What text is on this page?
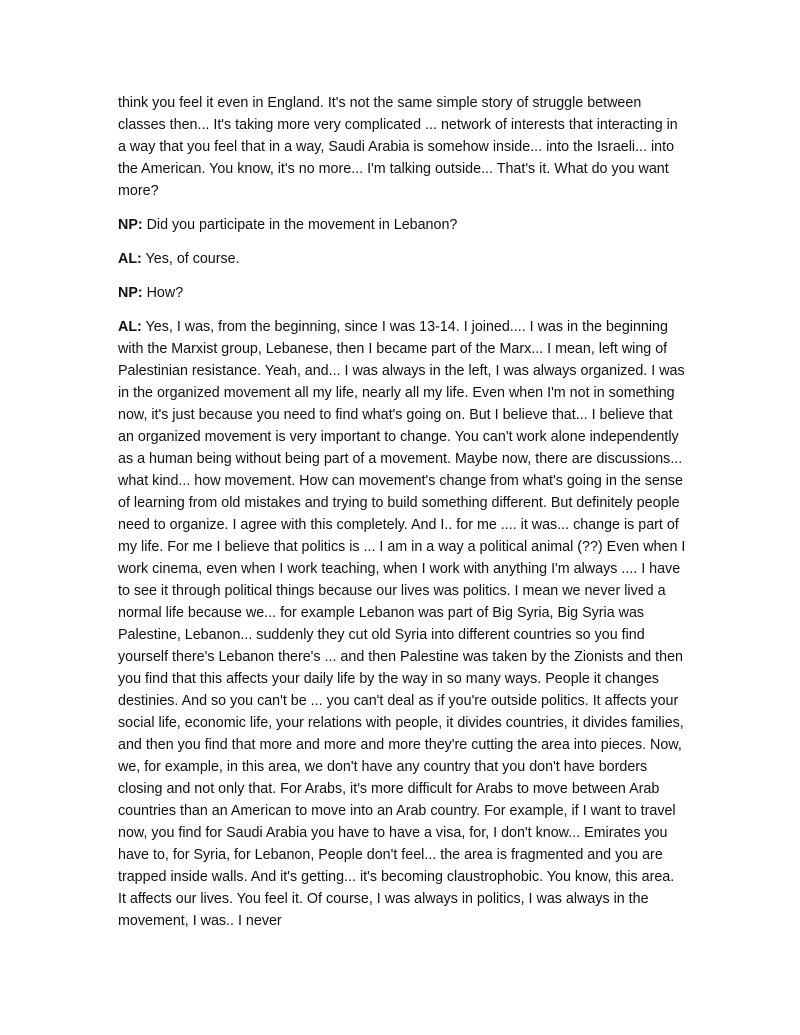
think you feel it even in England. It's not the same simple story of struggle between classes then... It's taking more very complicated ... network of interests that interacting in a way that you feel that in a way, Saudi Arabia is somehow inside... into the Israeli... into the American. You know, it's no more... I'm talking outside... That's it. What do you want more?

NP: Did you participate in the movement in Lebanon?

AL: Yes, of course.

NP: How?

AL: Yes, I was, from the beginning, since I was 13-14. I joined.... I was in the beginning with the Marxist group, Lebanese, then I became part of the Marx... I mean, left wing of Palestinian resistance. Yeah, and... I was always in the left, I was always organized. I was in the organized movement all my life, nearly all my life. Even when I'm not in something now, it's just because you need to find what's going on. But I believe that... I believe that an organized movement is very important to change. You can't work alone independently as a human being without being part of a movement. Maybe now, there are discussions... what kind... how movement. How can movement's change from what's going in the sense of learning from old mistakes and trying to build something different. But definitely people need to organize. I agree with this completely. And I.. for me .... it was... change is part of my life. For me I believe that politics is ... I am in a way a political animal (??) Even when I work cinema, even when I work teaching, when I work with anything I'm always .... I have to see it through political things because our lives was politics. I mean we never lived a normal life because we... for example Lebanon was part of Big Syria, Big Syria was Palestine, Lebanon... suddenly they cut old Syria into different countries so you find yourself there's Lebanon there's ... and then Palestine was taken by the Zionists and then you find that this affects your daily life by the way in so many ways. People it changes destinies. And so you can't be ... you can't deal as if you're outside politics. It affects your social life, economic life, your relations with people, it divides countries, it divides families, and then you find that more and more and more they're cutting the area into pieces. Now, we, for example, in this area, we don't have any country that you don't have borders closing and not only that. For Arabs, it's more difficult for Arabs to move between Arab countries than an American to move into an Arab country. For example, if I want to travel now, you find for Saudi Arabia you have to have a visa, for, I don't know... Emirates you have to, for Syria, for Lebanon, People don't feel... the area is fragmented and you are trapped inside walls. And it's getting... it's becoming claustrophobic. You know, this area. It affects our lives. You feel it. Of course, I was always in politics, I was always in the movement, I was.. I never
